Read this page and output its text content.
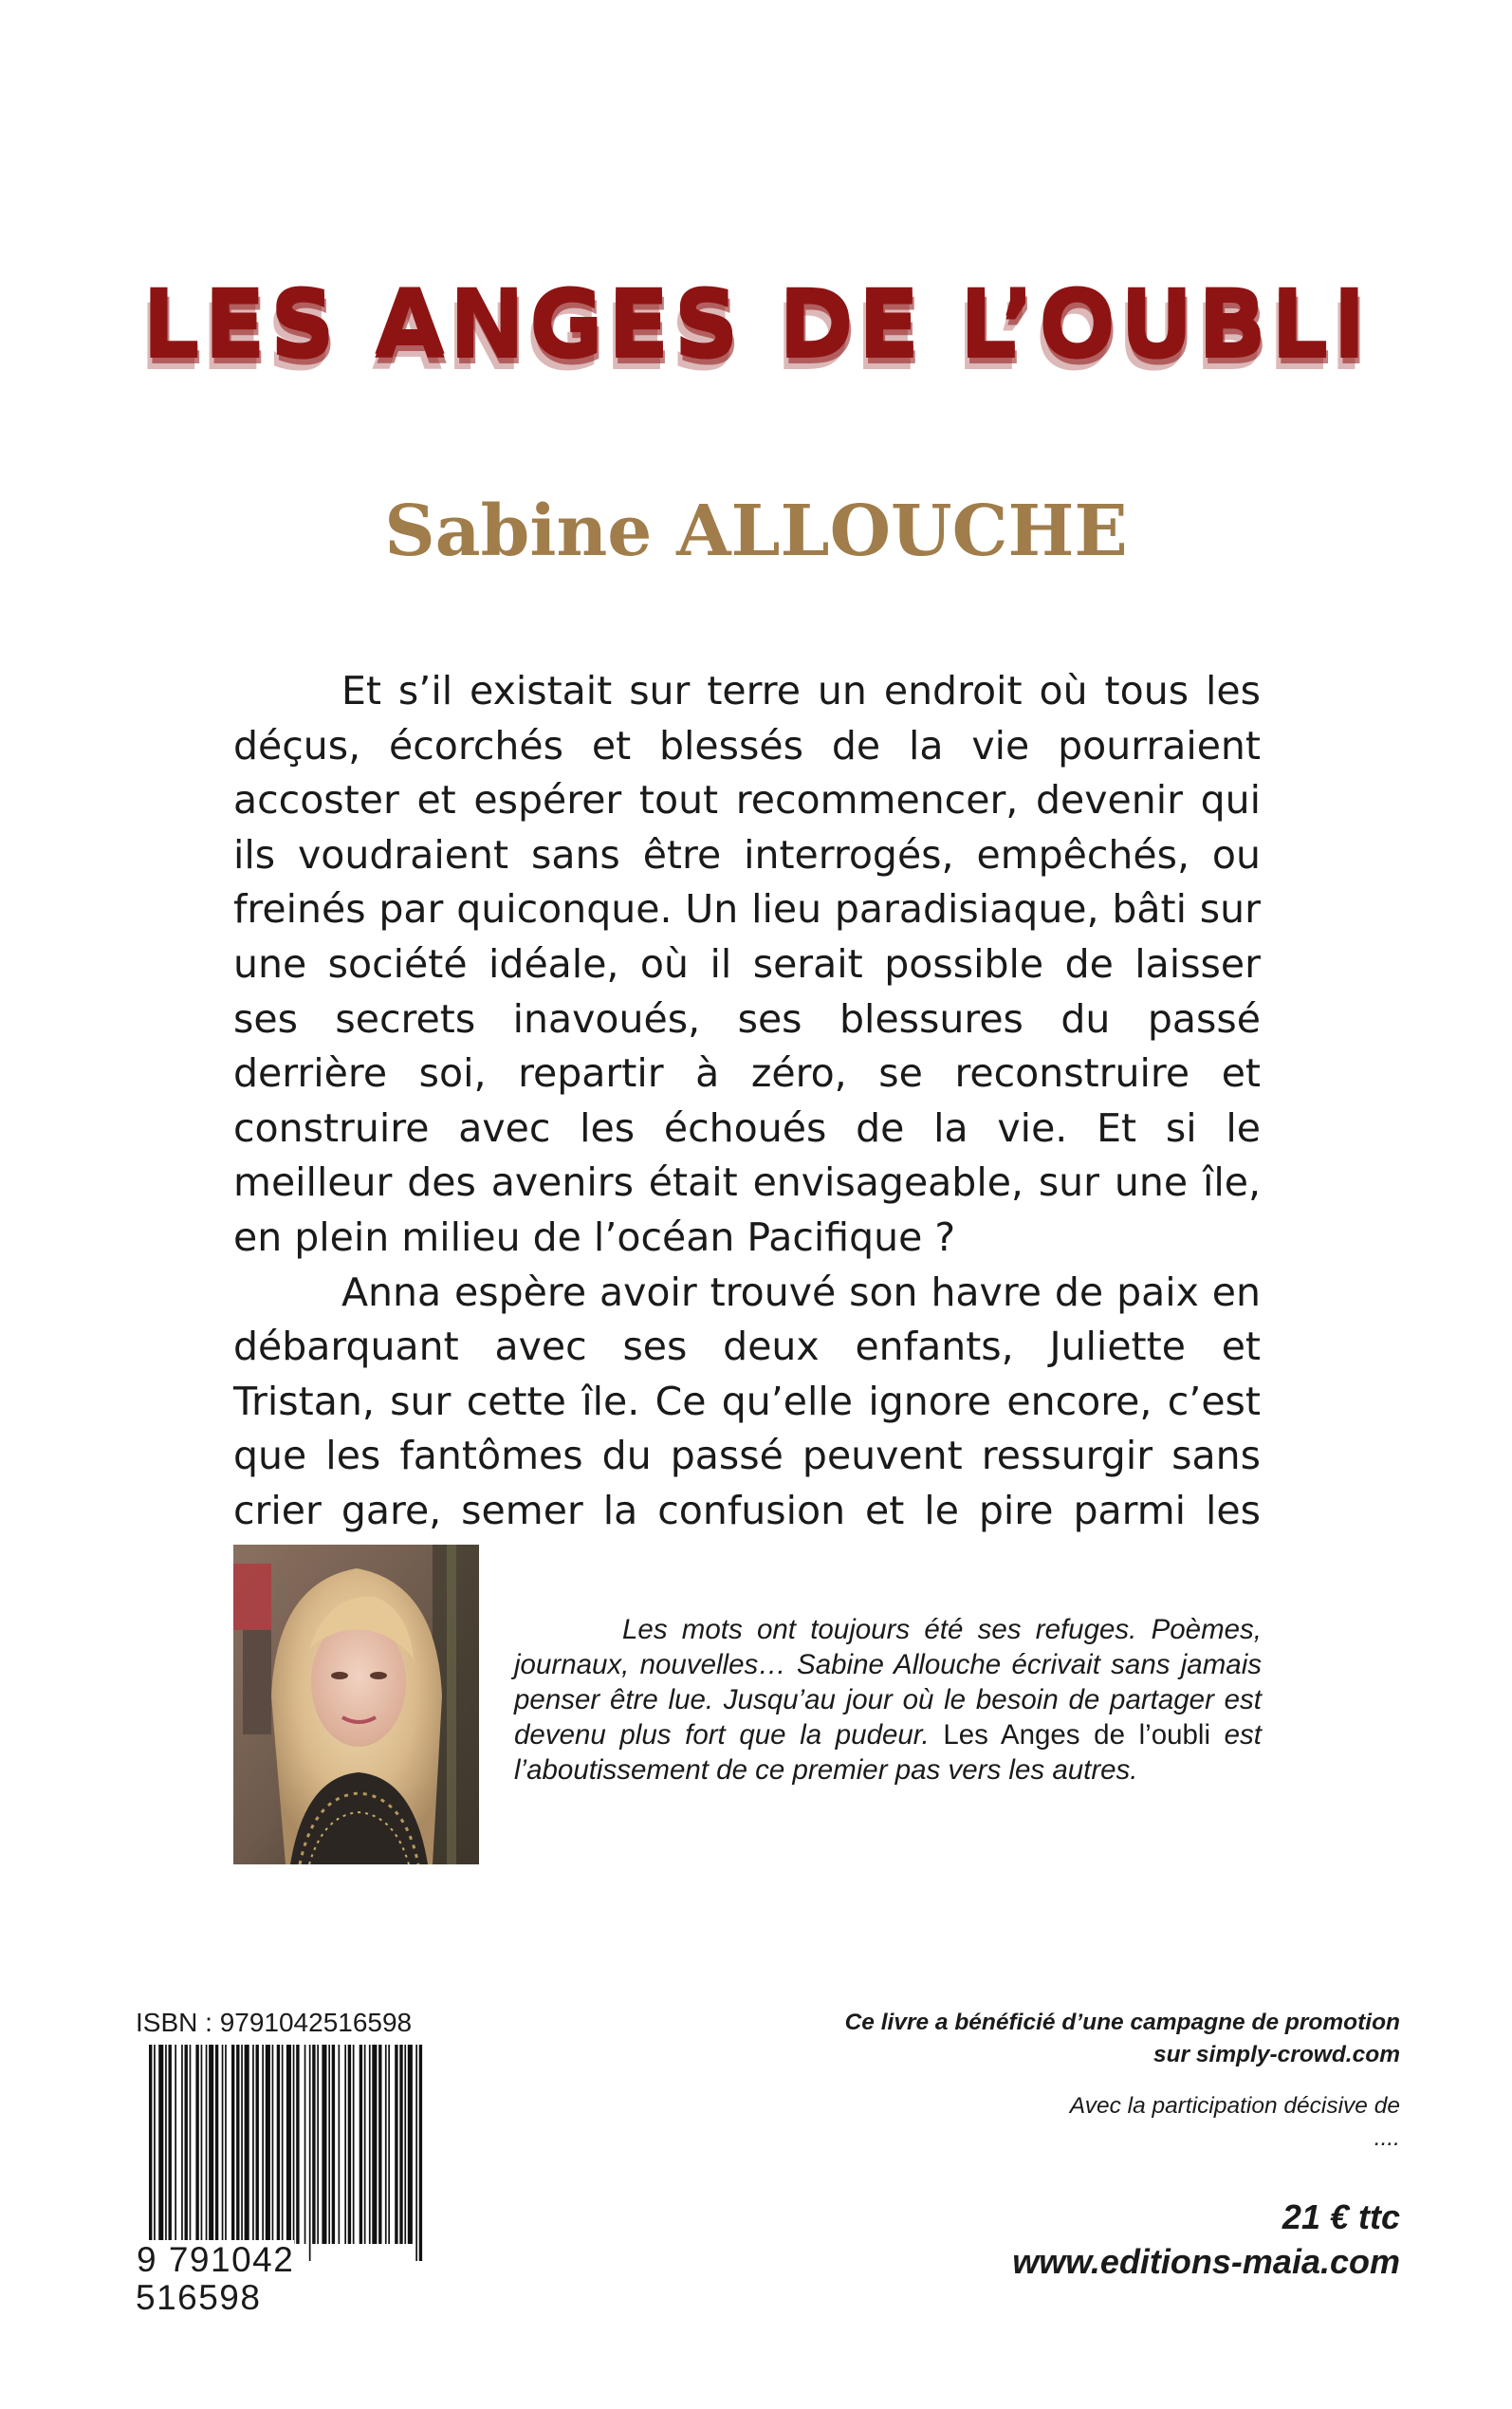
LES ANGES DE L’OUBLI
Sabine ALLOUCHE

Et s’il existait sur terre un endroit où tous les déçus, écorchés et blessés de la vie pourraient accoster et espérer tout recommencer, devenir qui ils voudraient sans être interrogés, empêchés, ou freinés par quiconque. Un lieu paradisiaque, bâti sur une société idéale, où il serait possible de laisser ses secrets inavoués, ses blessures du passé derrière soi, repartir à zéro, se reconstruire et construire avec les échoués de la vie. Et si le meilleur des avenirs était envisageable, sur une île, en plein milieu de l’océan Pacifique ?

Anna espère avoir trouvé son havre de paix en débarquant avec ses deux enfants, Juliette et Tristan, sur cette île. Ce qu’elle ignore encore, c’est que les fantômes du passé peuvent ressurgir sans crier gare, semer la confusion et le pire parmi les

Les mots ont toujours été ses refuges. Poèmes, journaux, nouvelles… Sabine Allouche écrivait sans jamais penser être lue. Jusqu’au jour où le besoin de partager est devenu plus fort que la pudeur. Les Anges de l’oubli est l’aboutissement de ce premier pas vers les autres.

ISBN : 9791042516598

9 791042 516598

Ce livre a bénéficié d’une campagne de promotion
sur simply-crowd.com

Avec la participation décisive de
....

21 € ttc

www.editions-maia.com
